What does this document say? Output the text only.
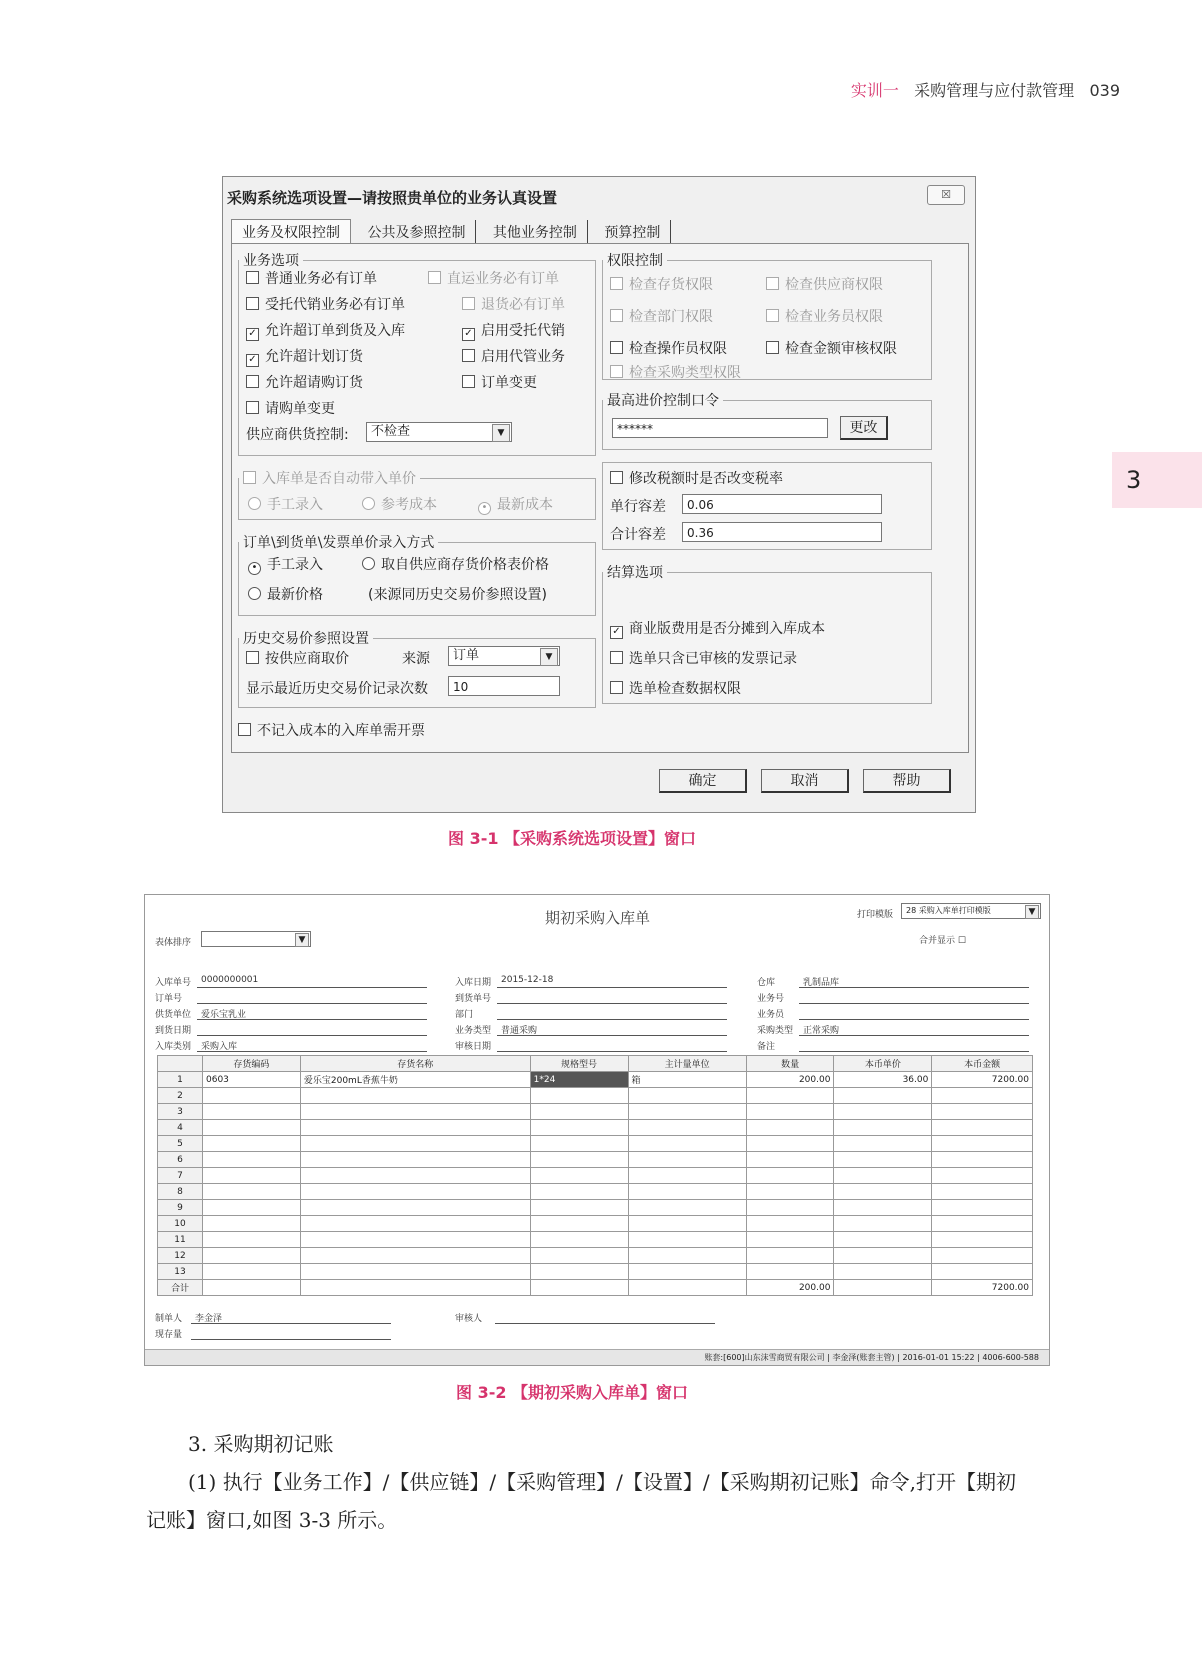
实训一 采购管理与应付款管理 039
3
采购系统选项设置—请按照贵单位的业务认真设置	☒
业务及权限控制 公共及参照控制 其他业务控制 预算控制
业务选项
普通业务必有订单	直运业务必有订单
受托代销业务必有订单	退货必有订单
✓ 允许超订单到货及入库	✓ 启用受托代销
✓ 允许超计划订货	启用代管业务
允许超请购订货	订单变更
请购单变更
供应商供货控制:	不检查	▼
入库单是否自动带入单价
手工录入	参考成本	• 最新成本
订单\到货单\发票单价录入方式
• 手工录入	取自供应商存货价格表价格
最新价格	(来源同历史交易价参照设置)
历史交易价参照设置
按供应商取价	来源	订单	▼
显示最近历史交易价记录次数	10
不记入成本的入库单需开票
权限控制
检查存货权限	检查供应商权限
检查部门权限	检查业务员权限
检查操作员权限	检查金额审核权限
检查采购类型权限
最高进价控制口令
******	更改
修改税额时是否改变税率
单行容差	0.06
合计容差	0.36
结算选项
✓ 商业版费用是否分摊到入库成本
选单只含已审核的发票记录
选单检查数据权限
确定	取消	帮助
图 3-1 【采购系统选项设置】窗口
期初采购入库单	打印模版	28 采购入库单打印模版	▼
表体排序	▼	合并显示 ☐
入库单号 0000000001
订单号
供货单位 爱乐宝乳业
到货日期
入库类别 采购入库
入库日期 2015-12-18
到货单号
部门
业务类型 普通采购
审核日期
仓库	乳制品库
业务号
业务员
采购类型 正常采购
备注
	存货编码	存货名称	规格型号	主计量单位	数量	本币单价	本币金额
1	0603	爱乐宝200mL香蕉牛奶	1*24	箱	200.00	36.00	7200.00
2							
3							
4							
5							
6							
7							
8							
9							
10							
11							
12							
13							
合计					200.00		7200.00
制单人 李金泽
现存量
审核人
账套:[600]山东沫雪商贸有限公司 | 李金泽(账套主管) | 2016-01-01 15:22 | 4006-600-588
图 3-2 【期初采购入库单】窗口
3. 采购期初记账
(1) 执行【业务工作】/【供应链】/【采购管理】/【设置】/【采购期初记账】命令,打开【期初
记账】窗口,如图 3-3 所示。
